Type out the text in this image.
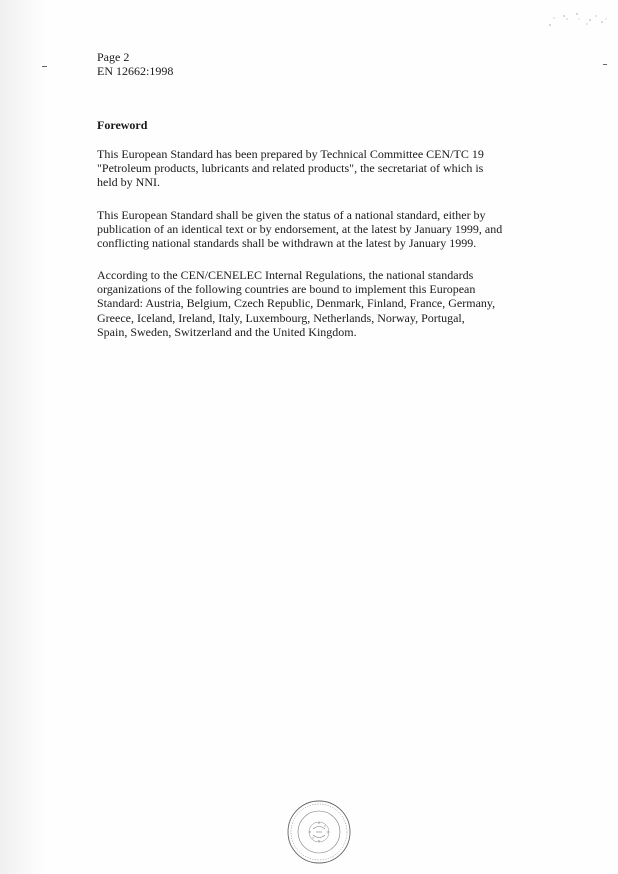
Page 2
EN 12662:1998
Foreword
This European Standard has been prepared by Technical Committee CEN/TC 19
"Petroleum products, lubricants and related products", the secretariat of which is
held by NNI.
This European Standard shall be given the status of a national standard, either by
publication of an identical text or by endorsement, at the latest by January 1999, and
conflicting national standards shall be withdrawn at the latest by January 1999.
According to the CEN/CENELEC Internal Regulations, the national standards
organizations of the following countries are bound to implement this European
Standard: Austria, Belgium, Czech Republic, Denmark, Finland, France, Germany,
Greece, Iceland, Ireland, Italy, Luxembourg, Netherlands, Norway, Portugal,
Spain, Sweden, Switzerland and the United Kingdom.
